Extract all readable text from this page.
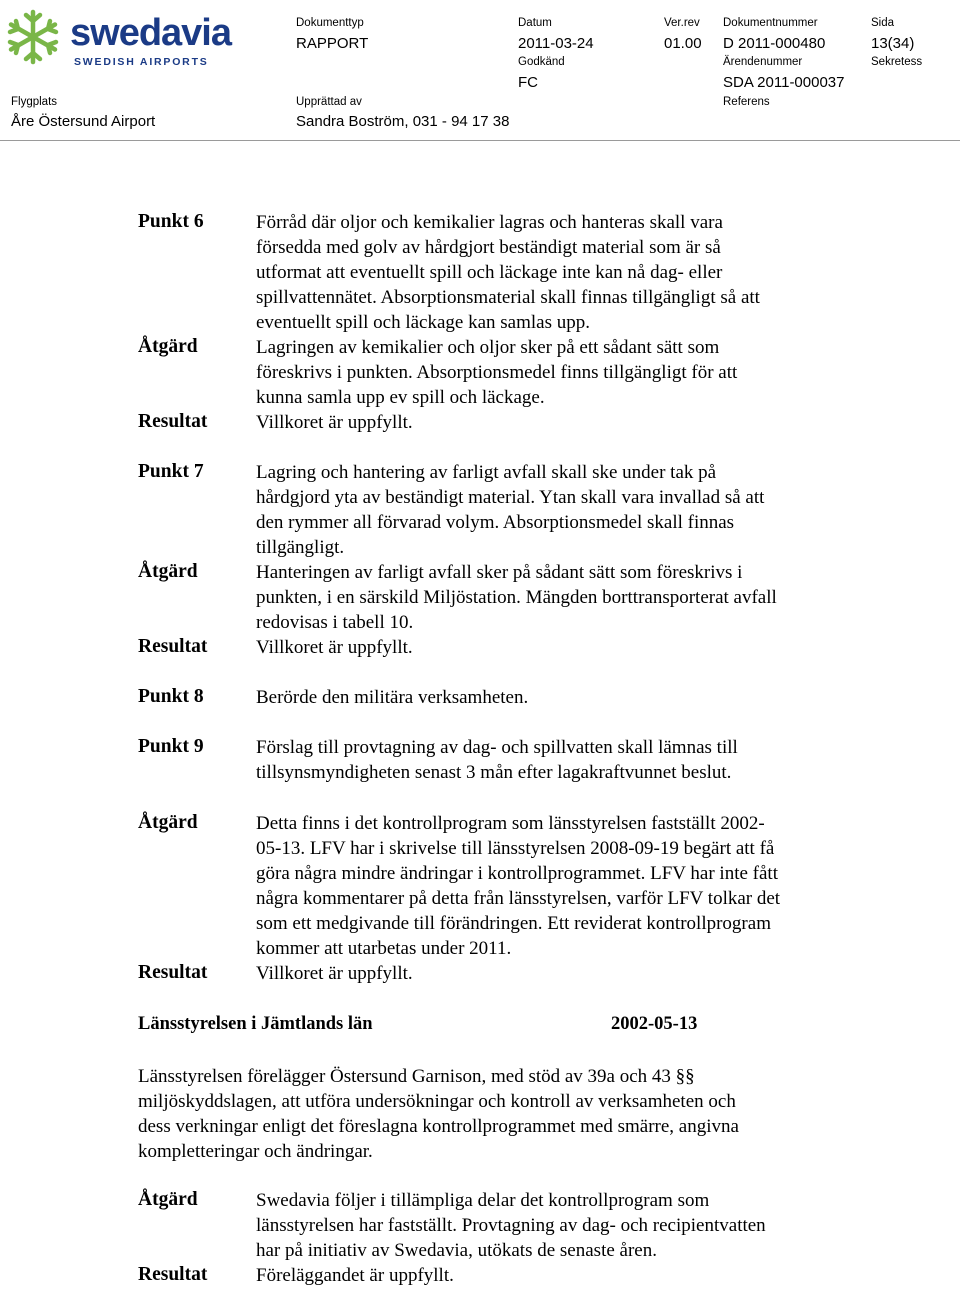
swedavia
SWEDISH AIRPORTS
Dokumenttyp
RAPPORT
Datum
2011-03-24
Ver.rev
01.00
Dokumentnummer
D 2011-000480
Sida
13(34)
Godkänd
FC
Ärendenummer
SDA 2011-000037
Sekretess
Flygplats
Åre Östersund Airport
Upprättad av
Sandra Boström, 031 - 94 17 38
Referens
Punkt 6	Förråd där oljor och kemikalier lagras och hanteras skall vara
försedda med golv av hårdgjort beständigt material som är så
utformat att eventuellt spill och läckage inte kan nå dag- eller
spillvattennätet. Absorptionsmaterial skall finnas tillgängligt så att
eventuellt spill och läckage kan samlas upp.
Åtgärd	Lagringen av kemikalier och oljor sker på ett sådant sätt som
föreskrivs i punkten. Absorptionsmedel finns tillgängligt för att
kunna samla upp ev spill och läckage.
Resultat	Villkoret är uppfyllt.
Punkt 7	Lagring och hantering av farligt avfall skall ske under tak på
hårdgjord yta av beständigt material. Ytan skall vara invallad så att
den rymmer all förvarad volym. Absorptionsmedel skall finnas
tillgängligt.
Åtgärd	Hanteringen av farligt avfall sker på sådant sätt som föreskrivs i
punkten, i en särskild Miljöstation. Mängden borttransporterat avfall
redovisas i tabell 10.
Resultat	Villkoret är uppfyllt.
Punkt 8	Berörde den militära verksamheten.
Punkt 9	Förslag till provtagning av dag- och spillvatten skall lämnas till
tillsynsmyndigheten senast 3 mån efter lagakraftvunnet beslut.
Åtgärd	Detta finns i det kontrollprogram som länsstyrelsen fastställt 2002-
05-13. LFV har i skrivelse till länsstyrelsen 2008-09-19 begärt att få
göra några mindre ändringar i kontrollprogrammet. LFV har inte fått
några kommentarer på detta från länsstyrelsen, varför LFV tolkar det
som ett medgivande till förändringen. Ett reviderat kontrollprogram
kommer att utarbetas under 2011.
Resultat	Villkoret är uppfyllt.
Länsstyrelsen i Jämtlands län	2002-05-13
Länsstyrelsen förelägger Östersund Garnison, med stöd av 39a och 43 §§
miljöskyddslagen, att utföra undersökningar och kontroll av verksamheten och
dess verkningar enligt det föreslagna kontrollprogrammet med smärre, angivna
kompletteringar och ändringar.
Åtgärd	Swedavia följer i tillämpliga delar det kontrollprogram som
länsstyrelsen har fastställt. Provtagning av dag- och recipientvatten
har på initiativ av Swedavia, utökats de senaste åren.
Resultat	Föreläggandet är uppfyllt.
